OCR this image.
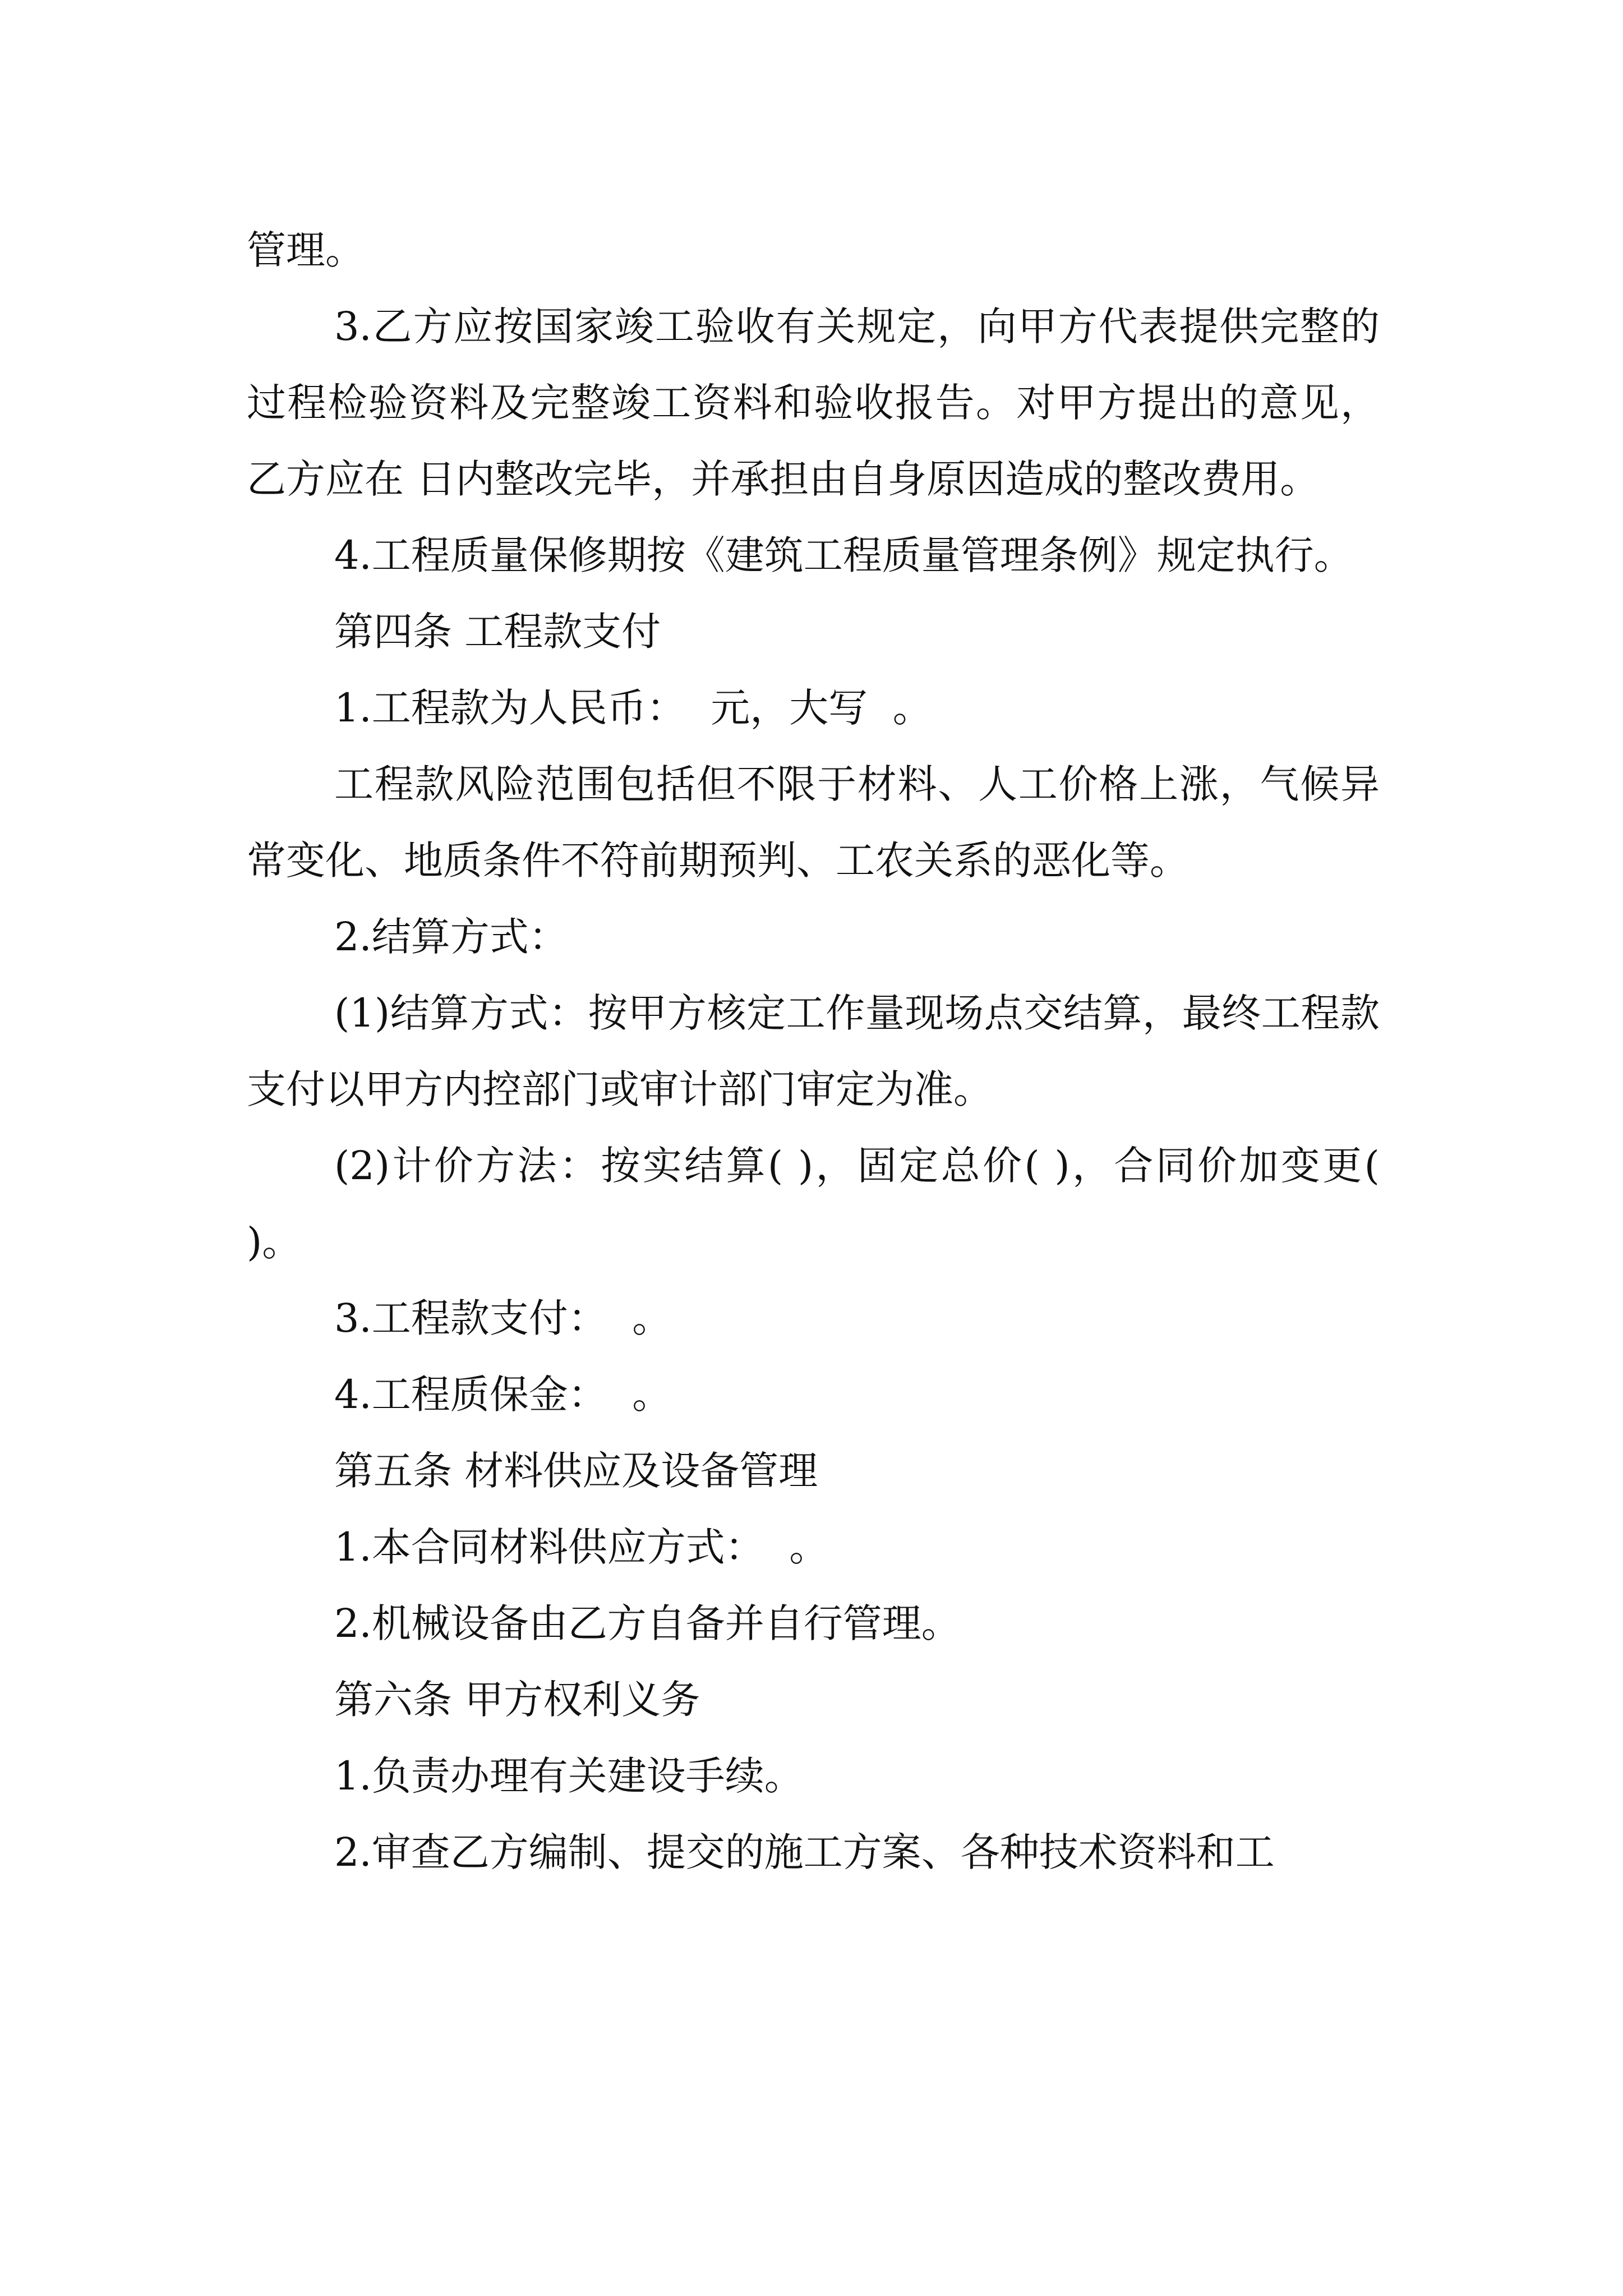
管理。

3.乙方应按国家竣工验收有关规定，向甲方代表提供完整的过程检验资料及完整竣工资料和验收报告。对甲方提出的意见，乙方应在 日内整改完毕，并承担由自身原因造成的整改费用。

4.工程质量保修期按《建筑工程质量管理条例》规定执行。

第四条 工程款支付

1.工程款为人民币：  元，大写  。

工程款风险范围包括但不限于材料、人工价格上涨，气候异常变化、地质条件不符前期预判、工农关系的恶化等。

2.结算方式：

(1)结算方式：按甲方核定工作量现场点交结算，最终工程款支付以甲方内控部门或审计部门审定为准。

(2)计价方法：按实结算( )，固定总价( )，合同价加变更( )。

3.工程款支付：  。

4.工程质保金：  。

第五条 材料供应及设备管理

1.本合同材料供应方式：  。

2.机械设备由乙方自备并自行管理。

第六条 甲方权利义务

1.负责办理有关建设手续。

2.审查乙方编制、提交的施工方案、各种技术资料和工
